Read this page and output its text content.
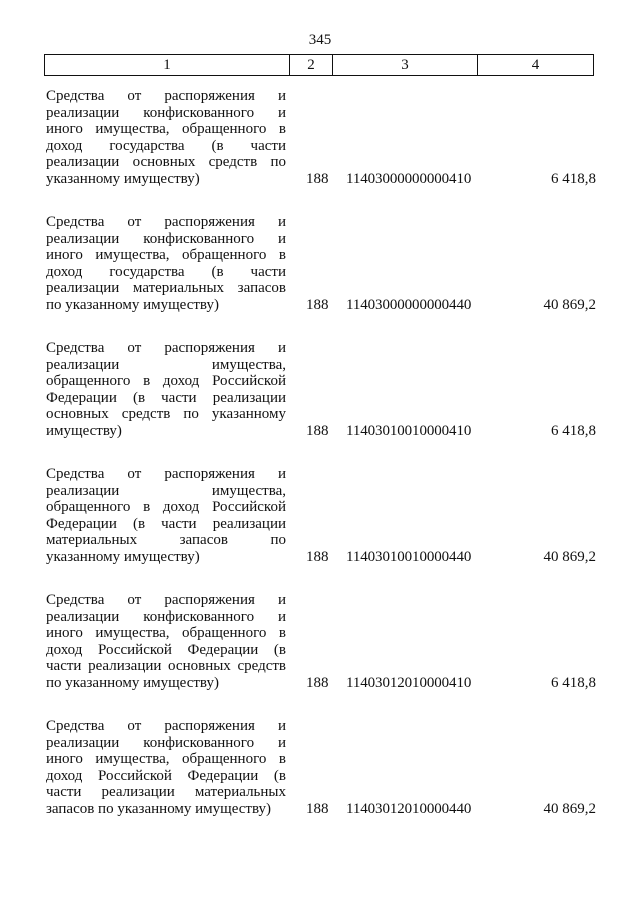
345
1	2	3	4
Средства от распоряжения и
реализации конфискованного и
иного имущества, обращенного в
доход государства (в части
реализации основных средств по
указанному имуществу)	188 11403000000000410	6 418,8
Средства от распоряжения и
реализации конфискованного и
иного имущества, обращенного в
доход государства (в части
реализации материальных запасов
по указанному имуществу)	188 11403000000000440	40 869,2
Средства от распоряжения и
реализации имущества,
обращенного в доход Российской
Федерации (в части реализации
основных средств по указанному
имуществу)	188 11403010010000410	6 418,8
Средства от распоряжения и
реализации имущества,
обращенного в доход Российской
Федерации (в части реализации
материальных запасов по
указанному имуществу)	188 11403010010000440	40 869,2
Средства от распоряжения и
реализации конфискованного и
иного имущества, обращенного в
доход Российской Федерации (в
части реализации основных средств
по указанному имуществу)	188 11403012010000410	6 418,8
Средства от распоряжения и
реализации конфискованного и
иного имущества, обращенного в
доход Российской Федерации (в
части реализации материальных
запасов по указанному имуществу)	188 11403012010000440	40 869,2
